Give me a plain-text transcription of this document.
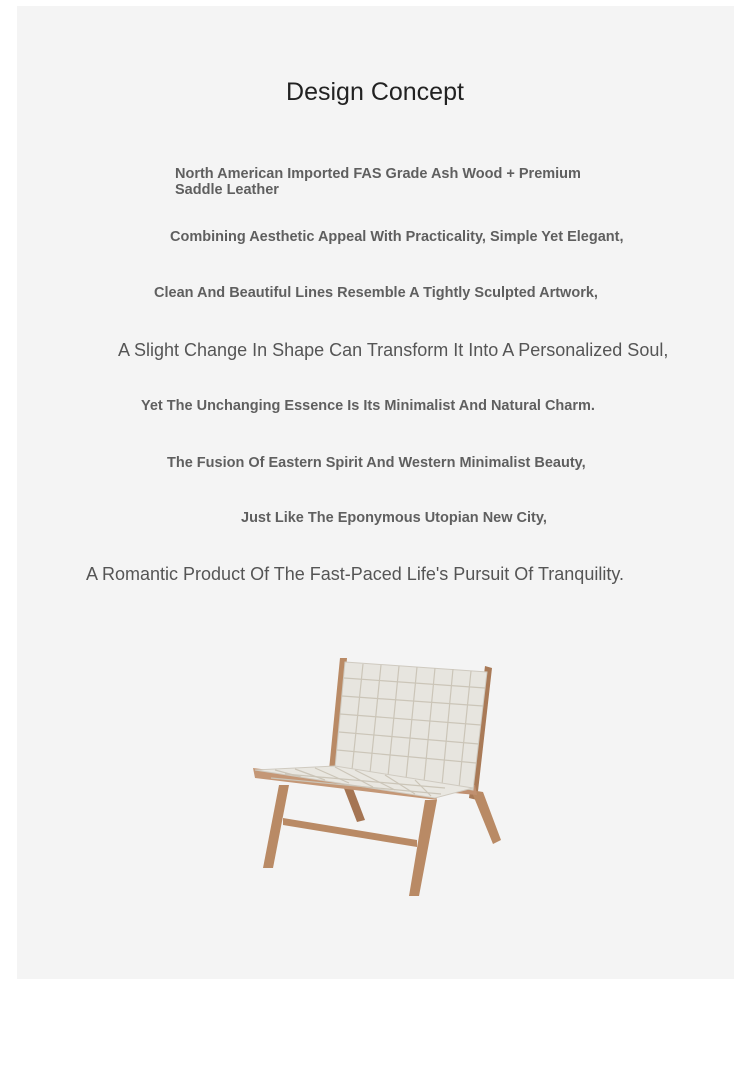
Design Concept

North American Imported FAS Grade Ash Wood + Premium Saddle Leather

Combining Aesthetic Appeal With Practicality, Simple Yet Elegant,

Clean And Beautiful Lines Resemble A Tightly Sculpted Artwork,

A Slight Change In Shape Can Transform It Into A Personalized Soul,

Yet The Unchanging Essence Is Its Minimalist And Natural Charm.

The Fusion Of Eastern Spirit And Western Minimalist Beauty,

Just Like The Eponymous Utopian New City,

A Romantic Product Of The Fast-Paced Life's Pursuit Of Tranquility.
